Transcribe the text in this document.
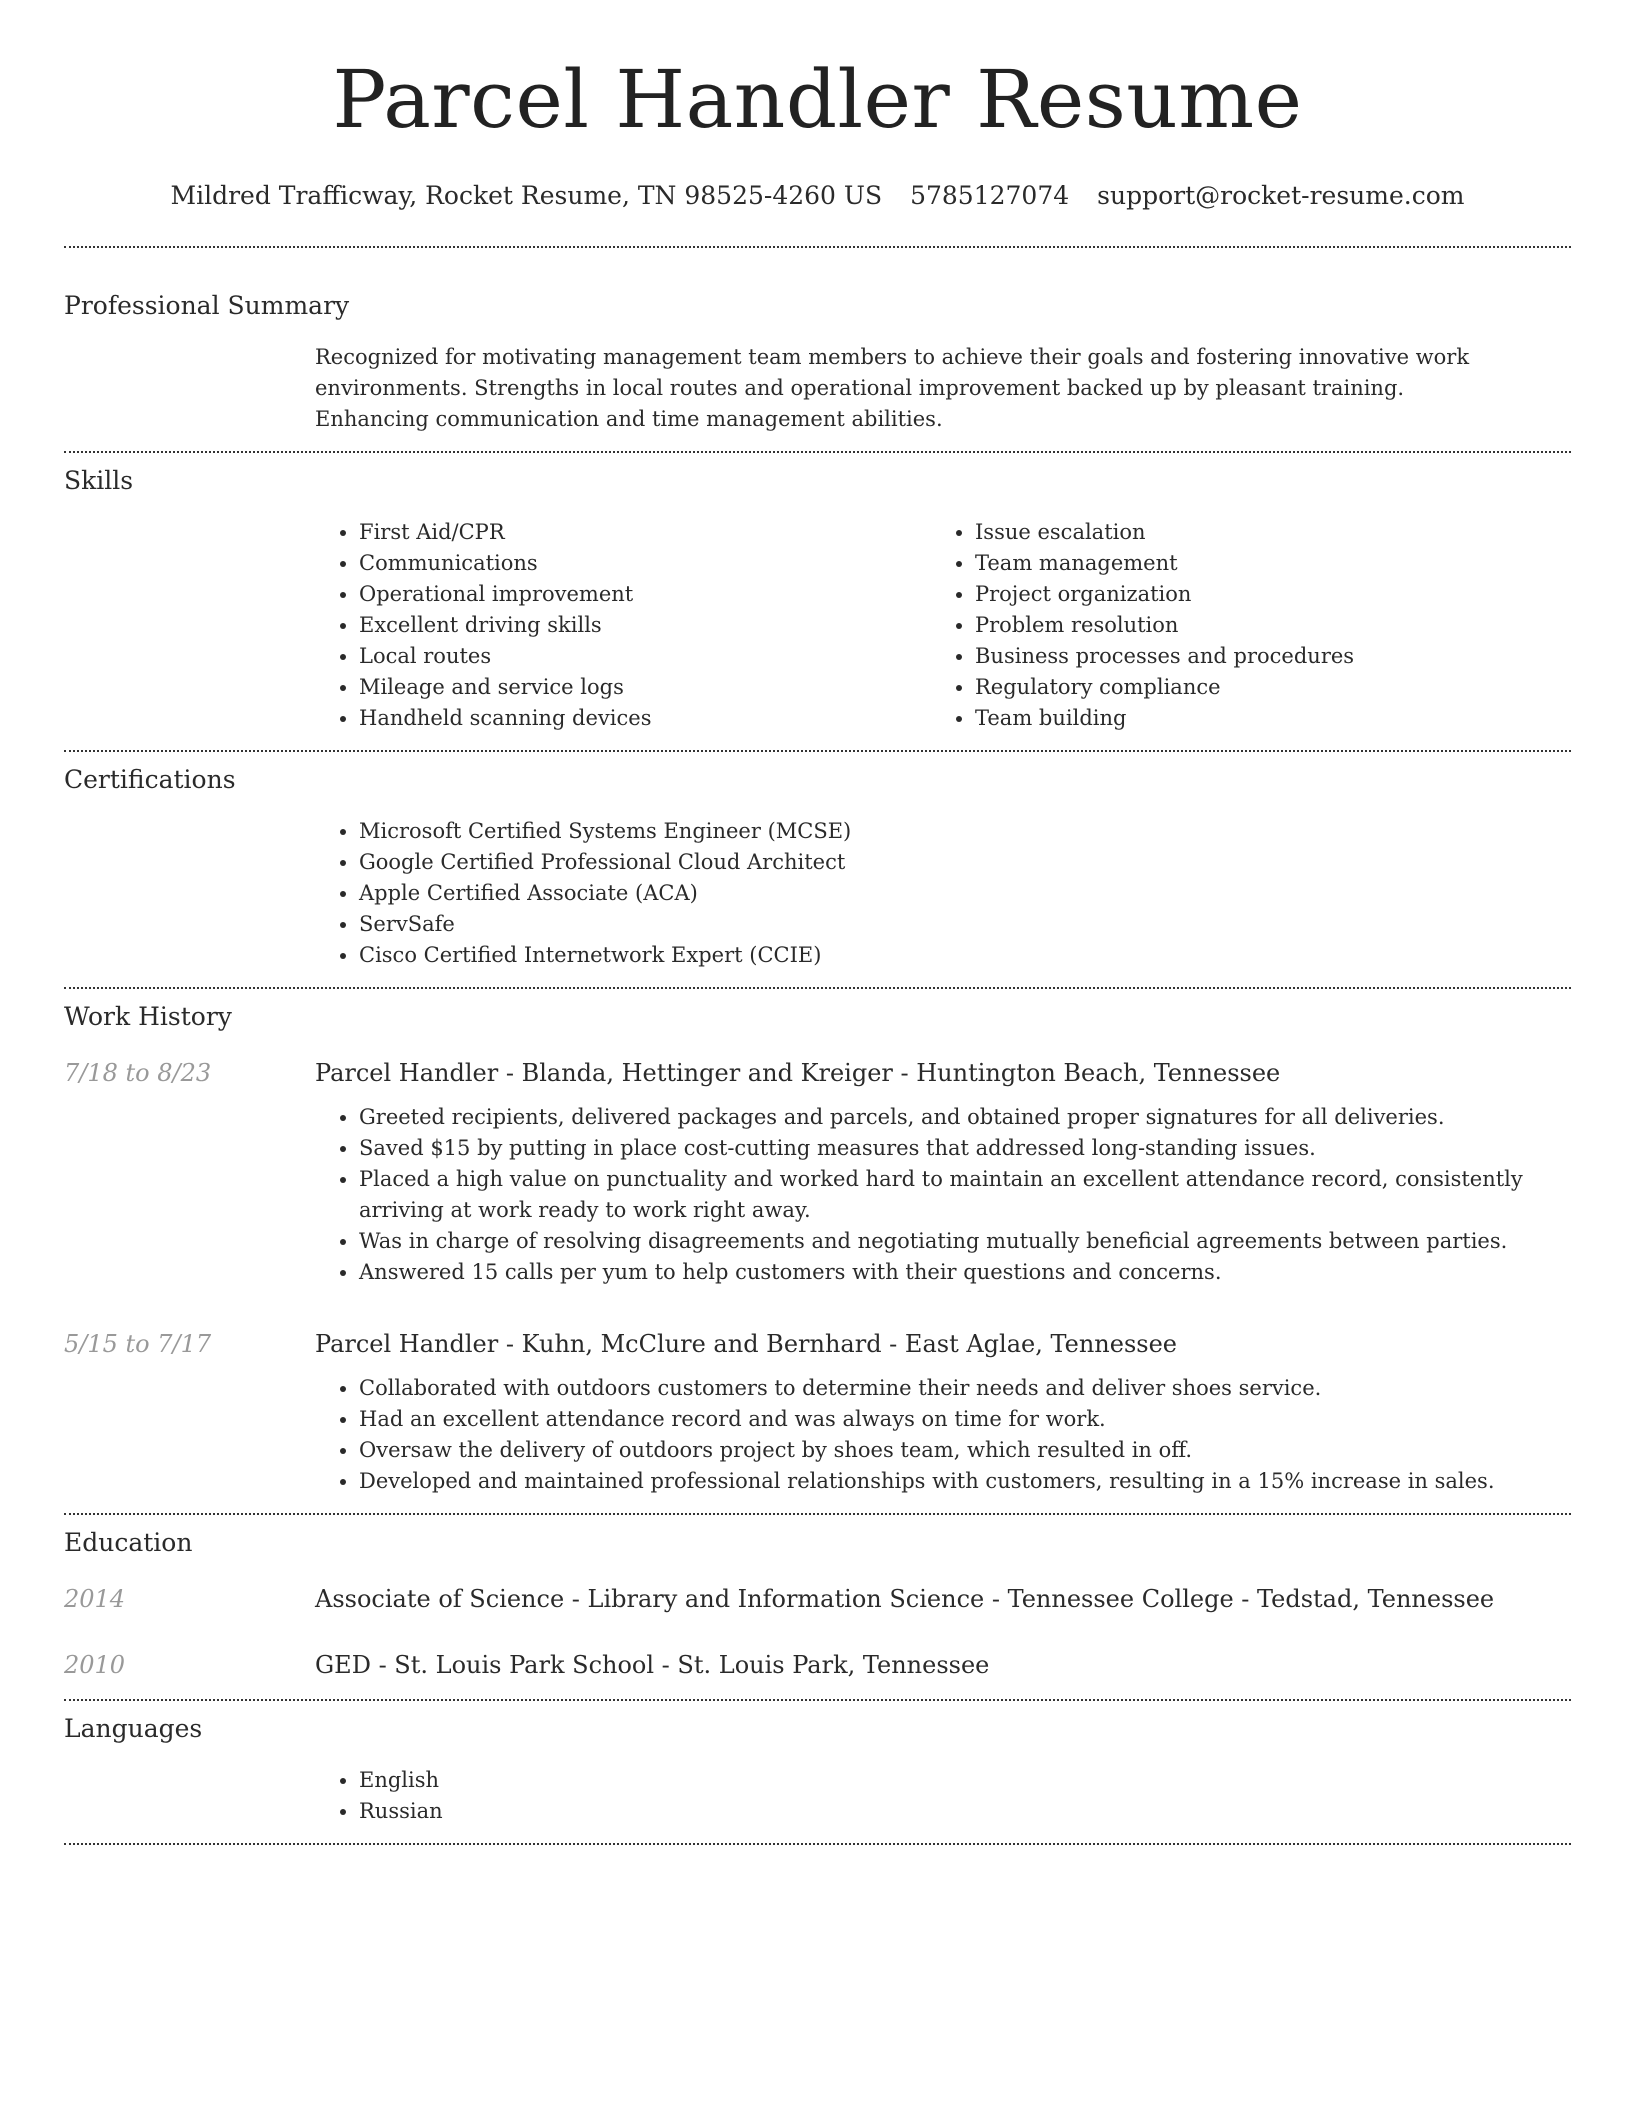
Parcel Handler Resume
Mildred Trafficway, Rocket Resume, TN 98525-4260 US 5785127074 support@rocket-resume.com
Professional Summary

Recognized for motivating management team members to achieve their goals and fostering innovative work environments. Strengths in local routes and operational improvement backed up by pleasant training. Enhancing communication and time management abilities.

Skills
• First Aid/CPR
• Communications
• Operational improvement
• Excellent driving skills
• Local routes
• Mileage and service logs
• Handheld scanning devices
• Issue escalation
• Team management
• Project organization
• Problem resolution
• Business processes and procedures
• Regulatory compliance
• Team building
Certifications
• Microsoft Certified Systems Engineer (MCSE)
• Google Certified Professional Cloud Architect
• Apple Certified Associate (ACA)
• ServSafe
• Cisco Certified Internetwork Expert (CCIE)
Work History
7/18 to 8/23	Parcel Handler - Blanda, Hettinger and Kreiger - Huntington Beach, Tennessee
• Greeted recipients, delivered packages and parcels, and obtained proper signatures for all deliveries.
• Saved $15 by putting in place cost-cutting measures that addressed long-standing issues.
• Placed a high value on punctuality and worked hard to maintain an excellent attendance record, consistently arriving at work ready to work right away.
• Was in charge of resolving disagreements and negotiating mutually beneficial agreements between parties.
• Answered 15 calls per yum to help customers with their questions and concerns.
5/15 to 7/17	Parcel Handler - Kuhn, McClure and Bernhard - East Aglae, Tennessee
• Collaborated with outdoors customers to determine their needs and deliver shoes service.
• Had an excellent attendance record and was always on time for work.
• Oversaw the delivery of outdoors project by shoes team, which resulted in off.
• Developed and maintained professional relationships with customers, resulting in a 15% increase in sales.
Education
2014	Associate of Science - Library and Information Science - Tennessee College - Tedstad, Tennessee
2010	GED - St. Louis Park School - St. Louis Park, Tennessee
Languages
• English
• Russian
